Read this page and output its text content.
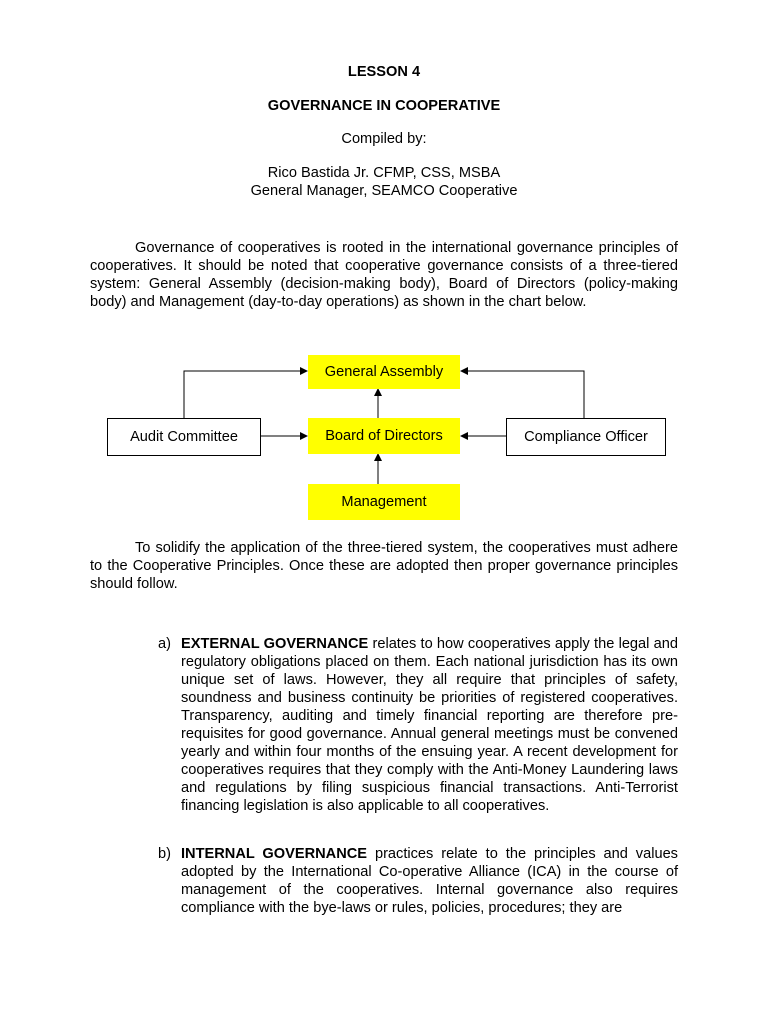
LESSON 4
GOVERNANCE IN COOPERATIVE
Compiled by:
Rico Bastida Jr. CFMP, CSS, MSBA
General Manager, SEAMCO Cooperative

Governance of cooperatives is rooted in the international governance principles of cooperatives. It should be noted that cooperative governance consists of a three-tiered system: General Assembly (decision-making body), Board of Directors (policy-making body) and Management (day-to-day operations) as shown in the chart below.

General Assembly
Board of Directors
Management
Audit Committee	Compliance Officer

To solidify the application of the three-tiered system, the cooperatives must adhere to the Cooperative Principles. Once these are adopted then proper governance principles should follow.

a) EXTERNAL GOVERNANCE relates to how cooperatives apply the legal and regulatory obligations placed on them. Each national jurisdiction has its own unique set of laws. However, they all require that principles of safety, soundness and business continuity be priorities of registered cooperatives. Transparency, auditing and timely financial reporting are therefore pre-requisites for good governance. Annual general meetings must be convened yearly and within four months of the ensuing year. A recent development for cooperatives requires that they comply with the Anti-Money Laundering laws and regulations by filing suspicious financial transactions. Anti-Terrorist financing legislation is also applicable to all cooperatives.

b) INTERNAL GOVERNANCE practices relate to the principles and values adopted by the International Co-operative Alliance (ICA) in the course of management of the cooperatives. Internal governance also requires compliance with the bye-laws or rules, policies, procedures; they are
